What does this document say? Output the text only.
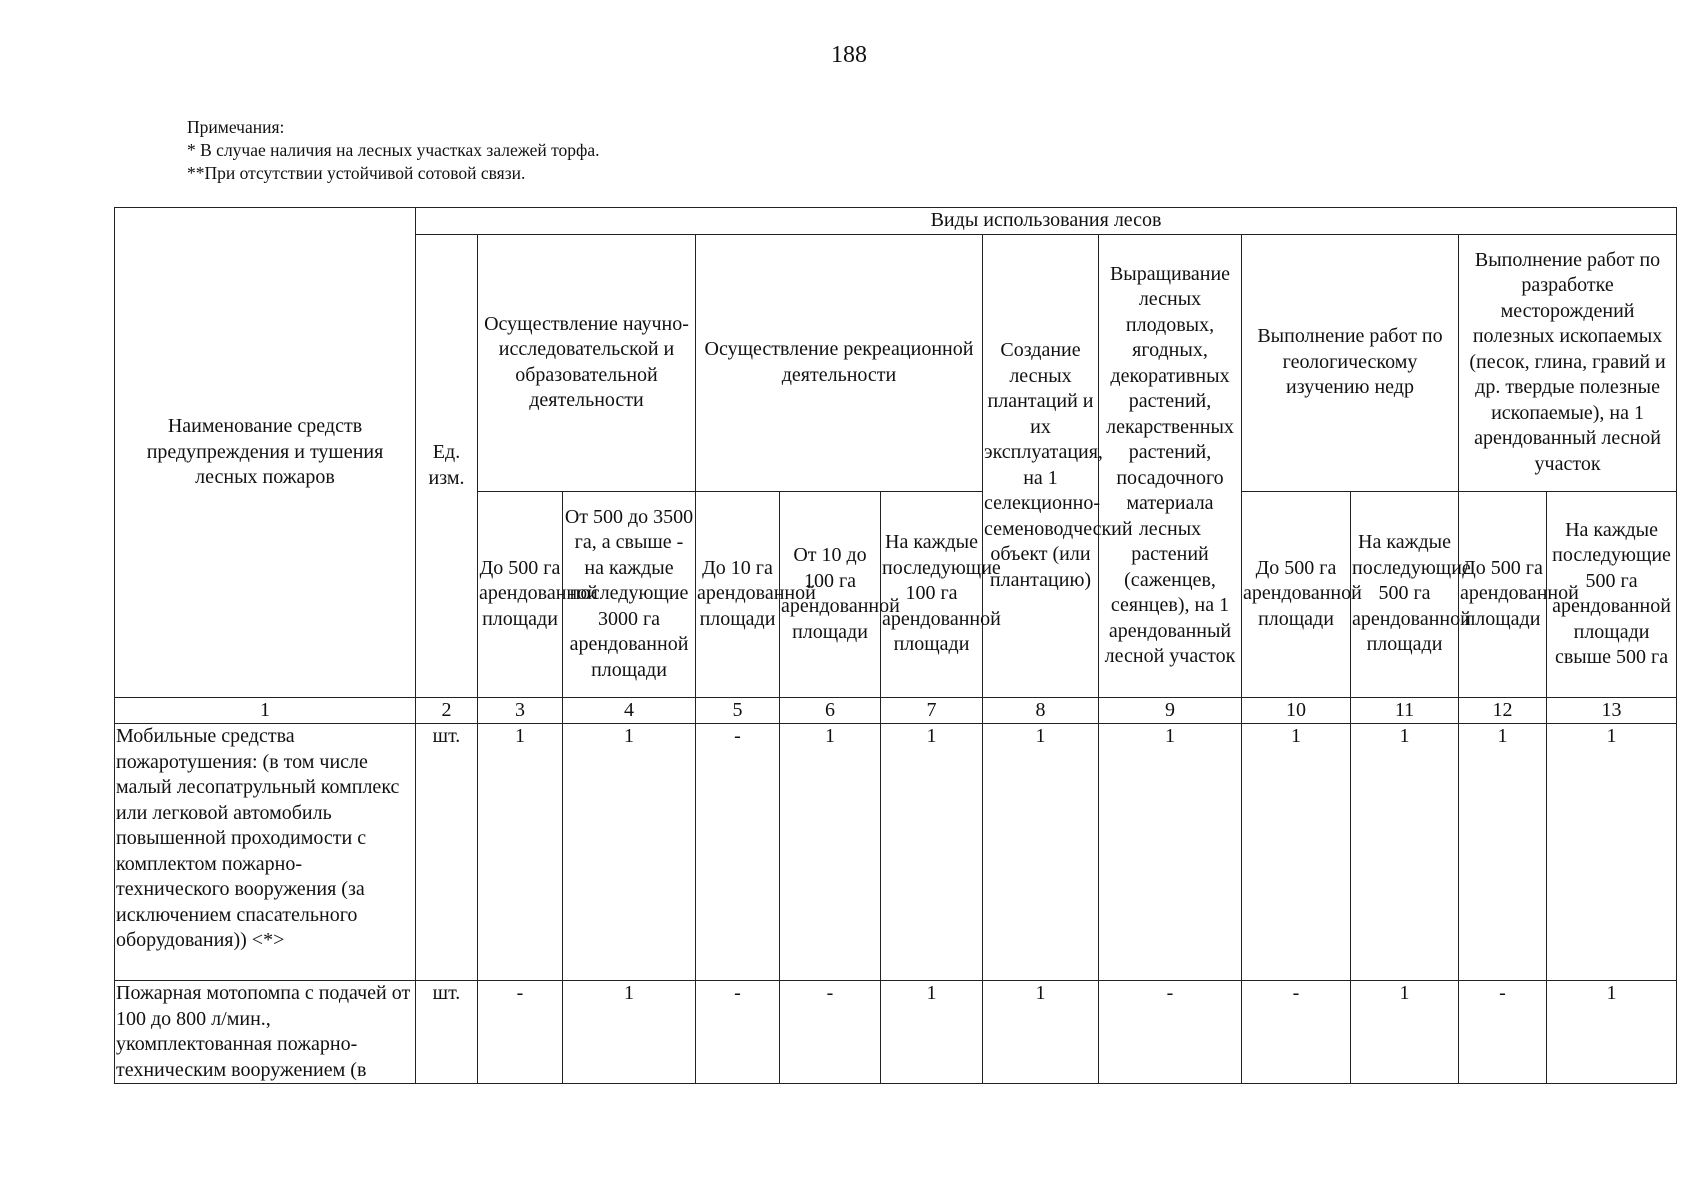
188
Примечания:
* В случае наличия на лесных участках залежей торфа.
**При отсутствии устойчивой сотовой связи.
Наименование средств предупреждения и тушения лесных пожаров	Виды использования лесов											
	Ед. изм.	Осуществление научно-исследовательской и образовательной деятельности		Осуществление рекреационной деятельности			Создание лесных плантаций и их эксплуатация, на 1 селекционно-семеноводческий объект (или плантацию)	Выращивание лесных плодовых, ягодных, декоративных растений, лекарственных растений, посадочного материала лесных растений (саженцев, сеянцев), на 1 арендованный лесной участок	Выполнение работ по геологическому изучению недр		Выполнение работ по разработке месторождений полезных ископаемых (песок, глина, гравий и др. твердые полезные ископаемые), на 1 арендованный лесной участок	
		До 500 га арендованной площади	От 500 до 3500 га, а свыше - на каждые последующие 3000 га арендованной площади	До 10 га арендованной площади	От 10 до 100 га арендованной площади	На каждые последующие 100 га арендованной площади			До 500 га арендованной площади	На каждые последующие 500 га арендованной площади	До 500 га арендованной площади	На каждые последующие 500 га арендованной площади свыше 500 га
1	2	3	4	5	6	7	8	9	10	11	12	13
Мобильные средства пожаротушения: (в том числе малый лесопатрульный комплекс или легковой автомобиль повышенной проходимости с комплектом пожарно-технического вооружения (за исключением спасательного оборудования)) <*>	шт.	1	1	-	1	1	1	1	1	1	1	1
Пожарная мотопомпа с подачей от 100 до 800 л/мин., укомплектованная пожарно-техническим вооружением (в	шт.	-	1	-	-	1	1	-	-	1	-	1
